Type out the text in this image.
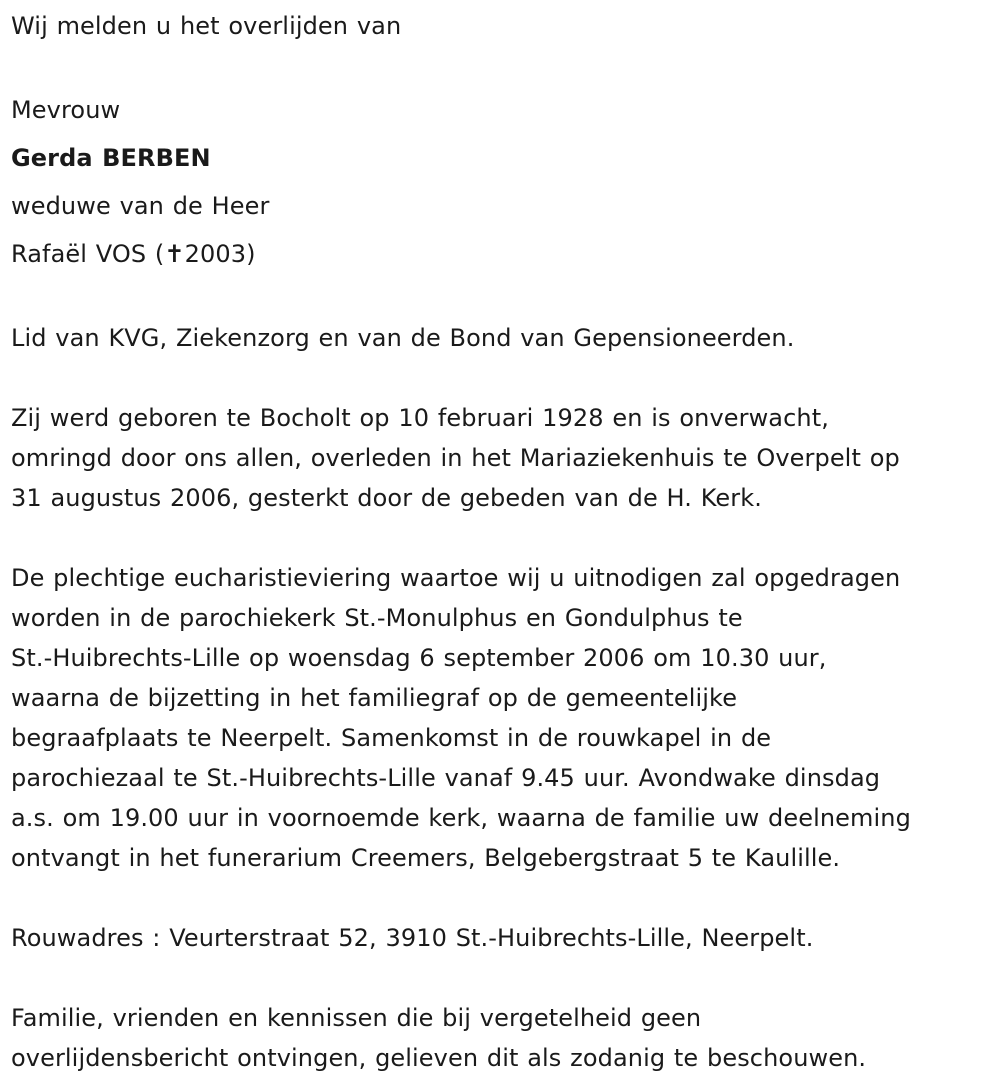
Wij melden u het overlijden van

Mevrouw

Gerda BERBEN

weduwe van de Heer

Rafaël VOS (✝2003)

Lid van KVG, Ziekenzorg en van de Bond van Gepensioneerden.

Zij werd geboren te Bocholt op 10 februari 1928 en is onverwacht,
omringd door ons allen, overleden in het Mariaziekenhuis te Overpelt op
31 augustus 2006, gesterkt door de gebeden van de H. Kerk.
De plechtige eucharistieviering waartoe wij u uitnodigen zal opgedragen
worden in de parochiekerk St.-Monulphus en Gondulphus te
St.-Huibrechts-Lille op woensdag 6 september 2006 om 10.30 uur,
waarna de bijzetting in het familiegraf op de gemeentelijke
begraafplaats te Neerpelt. Samenkomst in de rouwkapel in de
parochiezaal te St.-Huibrechts-Lille vanaf 9.45 uur. Avondwake dinsdag
a.s. om 19.00 uur in voornoemde kerk, waarna de familie uw deelneming
ontvangt in het funerarium Creemers, Belgebergstraat 5 te Kaulille.

Rouwadres : Veurterstraat 52, 3910 St.-Huibrechts-Lille, Neerpelt.

Familie, vrienden en kennissen die bij vergetelheid geen
overlijdensbericht ontvingen, gelieven dit als zodanig te beschouwen.
